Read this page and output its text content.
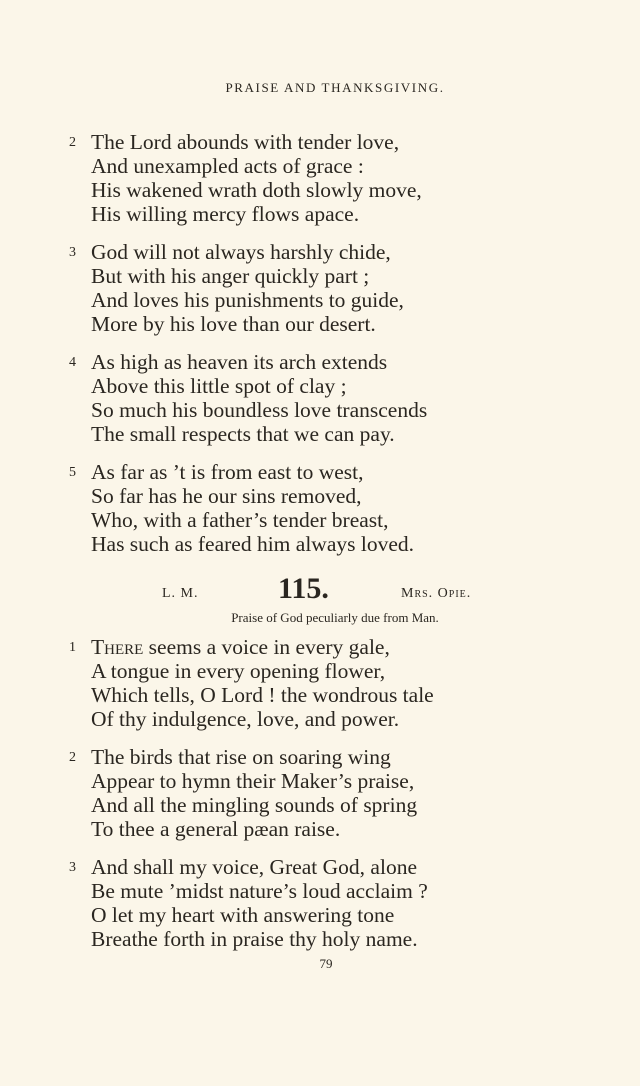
PRAISE AND THANKSGIVING.
2 The Lord abounds with tender love,
And unexampled acts of grace :
His wakened wrath doth slowly move,
His willing mercy flows apace.
3 God will not always harshly chide,
But with his anger quickly part ;
And loves his punishments to guide,
More by his love than our desert.
4 As high as heaven its arch extends
Above this little spot of clay ;
So much his boundless love transcends
The small respects that we can pay.
5 As far as ’t is from east to west,
So far has he our sins removed,
Who, with a father’s tender breast,
Has such as feared him always loved.
L. M.	115.	Mrs. Opie.
Praise of God peculiarly due from Man.
1 There seems a voice in every gale,
A tongue in every opening flower,
Which tells, O Lord ! the wondrous tale
Of thy indulgence, love, and power.
2 The birds that rise on soaring wing
Appear to hymn their Maker’s praise,
And all the mingling sounds of spring
To thee a general pæan raise.
3 And shall my voice, Great God, alone
Be mute ’midst nature’s loud acclaim ?
O let my heart with answering tone
Breathe forth in praise thy holy name.
79
